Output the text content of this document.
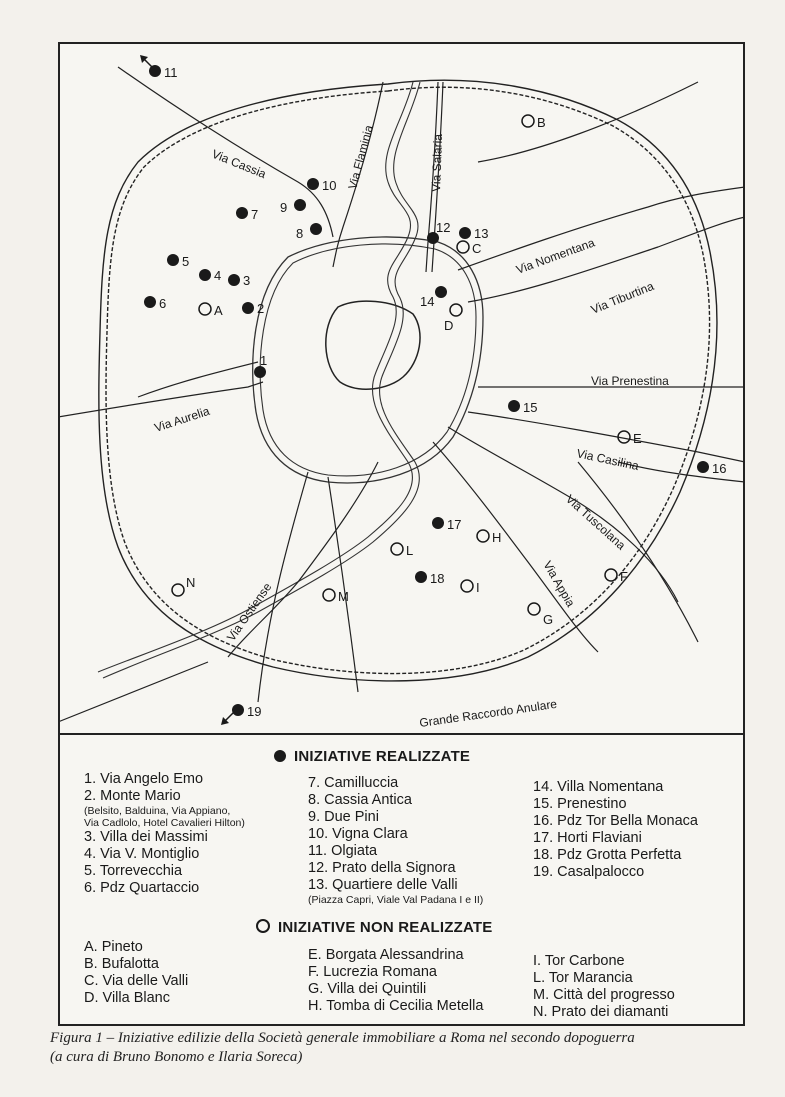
Via Cassia	Via Flaminia	Via Salaria
Via Nomentana
Via Tiburtina
Via Prenestina
Via Aurelia
Via Casilina
Via Tuscolana
Via Appia
Via Ostiense
Grande Raccordo Anulare
1
2
3
4
5
6
7
8
9
10
11
12 13
14
15
16
17
18
19
A
B
C
D
E
F
G
H
I
L
M
N
INIZIATIVE REALIZZATE
1. Via Angelo Emo
2. Monte Mario
(Belsito, Balduina, Via Appiano,
Via Cadlolo, Hotel Cavalieri Hilton)
3. Villa dei Massimi
4. Via V. Montiglio
5. Torrevecchia
6. Pdz Quartaccio
7. Camilluccia
8. Cassia Antica
9. Due Pini
10. Vigna Clara
11. Olgiata
12. Prato della Signora
13. Quartiere delle Valli
(Piazza Capri, Viale Val Padana I e II)
14. Villa Nomentana
15. Prenestino
16. Pdz Tor Bella Monaca
17. Horti Flaviani
18. Pdz Grotta Perfetta
19. Casalpalocco
INIZIATIVE NON REALIZZATE
A. Pineto
B. Bufalotta
C. Via delle Valli
D. Villa Blanc
E. Borgata Alessandrina
F. Lucrezia Romana
G. Villa dei Quintili
H. Tomba di Cecilia Metella
I. Tor Carbone
L. Tor Marancia
M. Città del progresso
N. Prato dei diamanti
Figura 1 – Iniziative edilizie della Società generale immobiliare a Roma nel secondo dopoguerra
(a cura di Bruno Bonomo e Ilaria Soreca)
